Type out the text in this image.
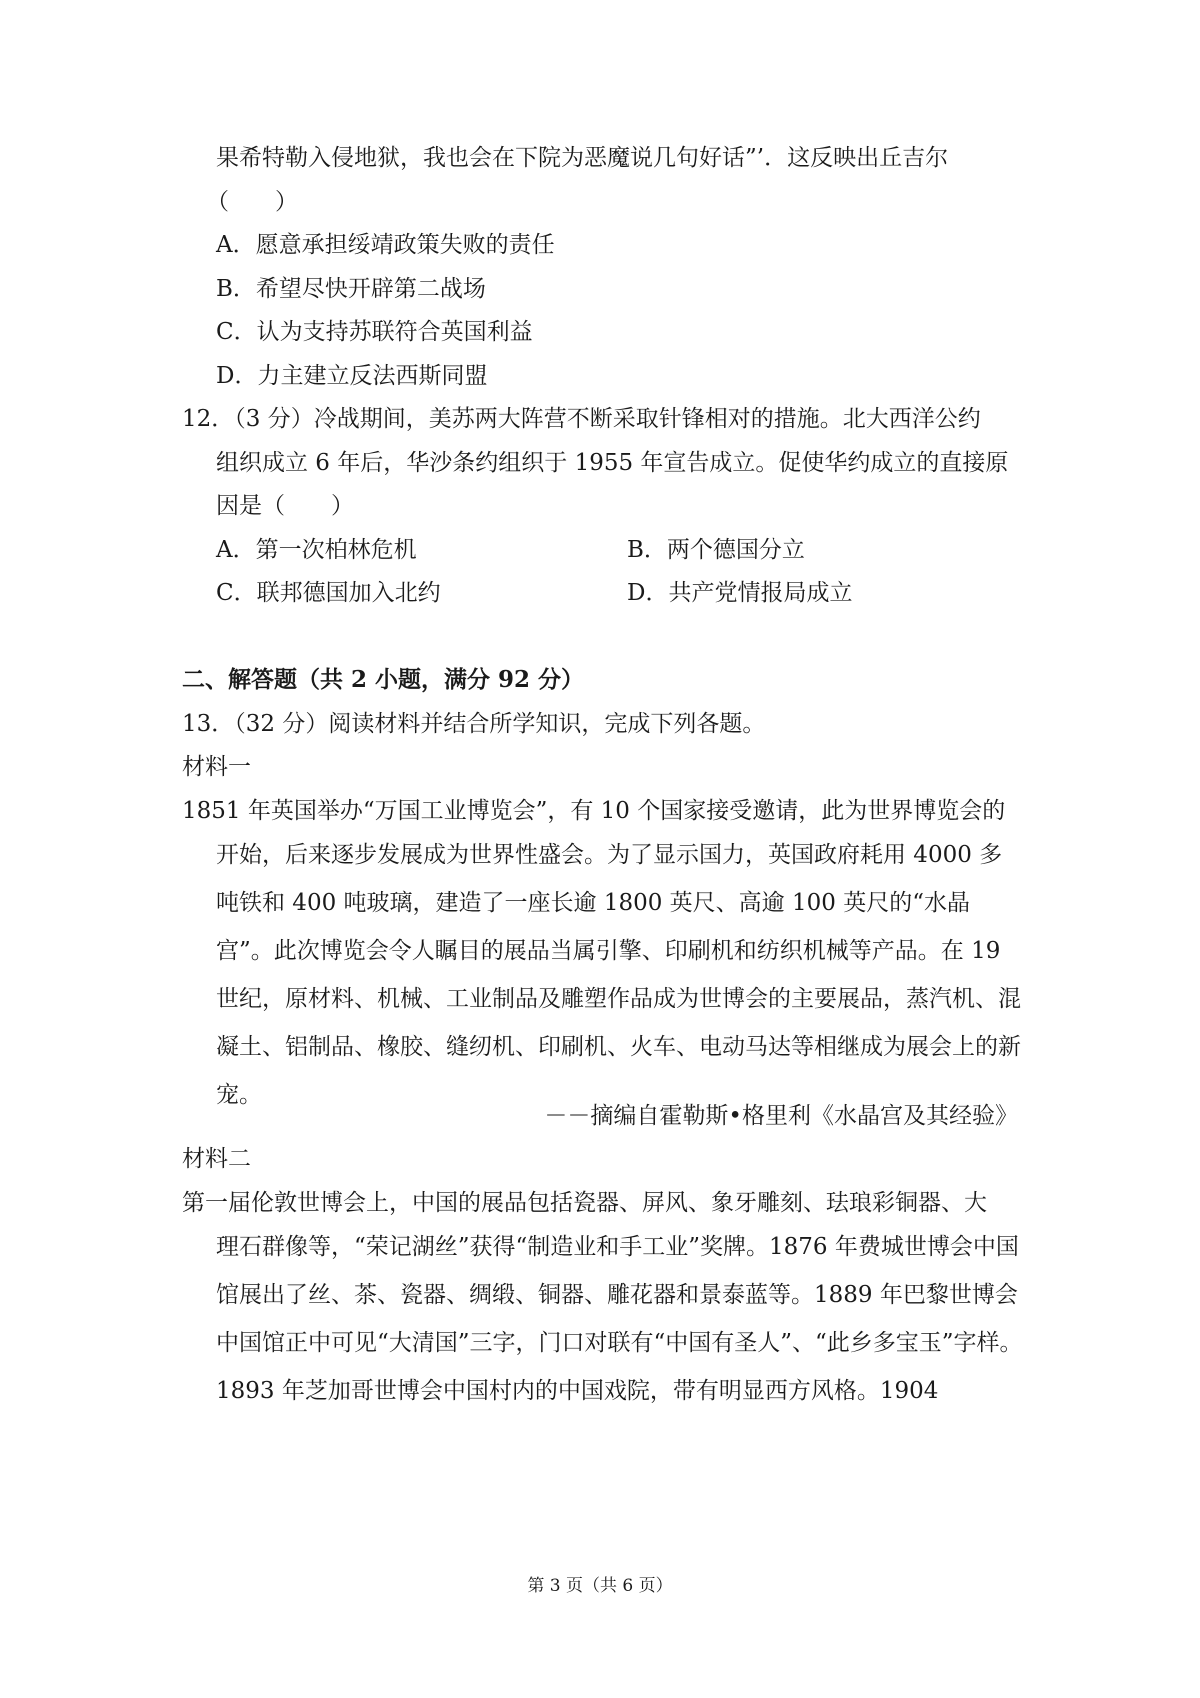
果希特勒入侵地狱，我也会在下院为恶魔说几句好话”’．这反映出丘吉尔
（　　）
A．愿意承担绥靖政策失败的责任
B．希望尽快开辟第二战场
C．认为支持苏联符合英国利益
D．力主建立反法西斯同盟
12．（3 分）冷战期间，美苏两大阵营不断采取针锋相对的措施。北大西洋公约
组织成立 6 年后，华沙条约组织于 1955 年宣告成立。促使华约成立的直接原
因是（　　）
A．第一次柏林危机	B．两个德国分立
C．联邦德国加入北约	D．共产党情报局成立
二、解答题（共 2 小题，满分 92 分）
13．（32 分）阅读材料并结合所学知识，完成下列各题。
材料一
1851 年英国举办“万国工业博览会”，有 10 个国家接受邀请，此为世界博览会的
开始，后来逐步发展成为世界性盛会。为了显示国力，英国政府耗用 4000 多吨铁和 400 吨玻璃，建造了一座长逾 1800 英尺、高逾 100 英尺的“水晶宫”。此次博览会令人瞩目的展品当属引擎、印刷机和纺织机械等产品。在 19 世纪，原材料、机械、工业制品及雕塑作品成为世博会的主要展品，蒸汽机、混凝土、铝制品、橡胶、缝纫机、印刷机、火车、电动马达等相继成为展会上的新宠。
－－摘编自霍勒斯•格里利《水晶宫及其经验》
材料二
第一届伦敦世博会上，中国的展品包括瓷器、屏风、象牙雕刻、珐琅彩铜器、大
理石群像等，“荣记湖丝”获得“制造业和手工业”奖牌。1876 年费城世博会中国馆展出了丝、茶、瓷器、绸缎、铜器、雕花器和景泰蓝等。1889 年巴黎世博会中国馆正中可见“大清国”三字，门口对联有“中国有圣人”、“此乡多宝玉”字样。1893 年芝加哥世博会中国村内的中国戏院，带有明显西方风格。1904
第 3 页（共 6 页）
